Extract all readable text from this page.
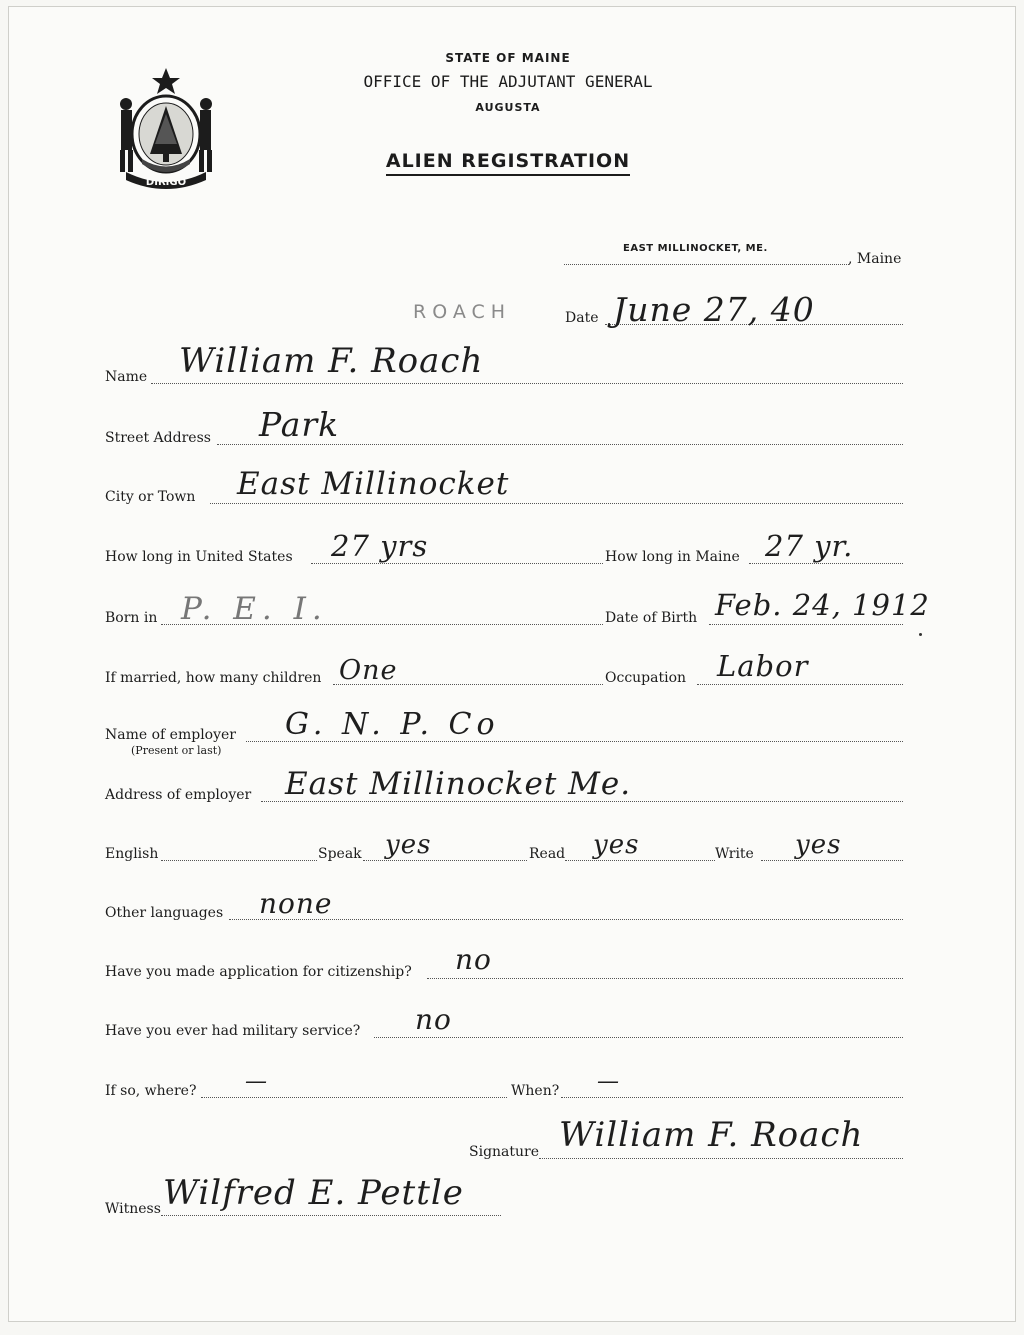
DIRIGO
STATE OF MAINE
OFFICE OF THE ADJUTANT GENERAL
AUGUSTA
ALIEN REGISTRATION
EAST MILLINOCKET, ME.
, Maine
ROACH	Date June 27, 40
Name William F. Roach
Street Address Park
City or Town East Millinocket
How long in United States 27 yrs	How long in Maine 27 yr.
Born in P. E. I.	Date of Birth Feb. 24, 1912
If married, how many children One	Occupation Labor
Name of employer
(Present or last)
G. N. P. Co
Address of employer East Millinocket Me.
English	Speak yes	Read yes	Write yes
Other languages none
Have you made application for citizenship? no
Have you ever had military service? no
If so, where? —	When? —
Signature William F. Roach
Witness Wilfred E. Pettle
